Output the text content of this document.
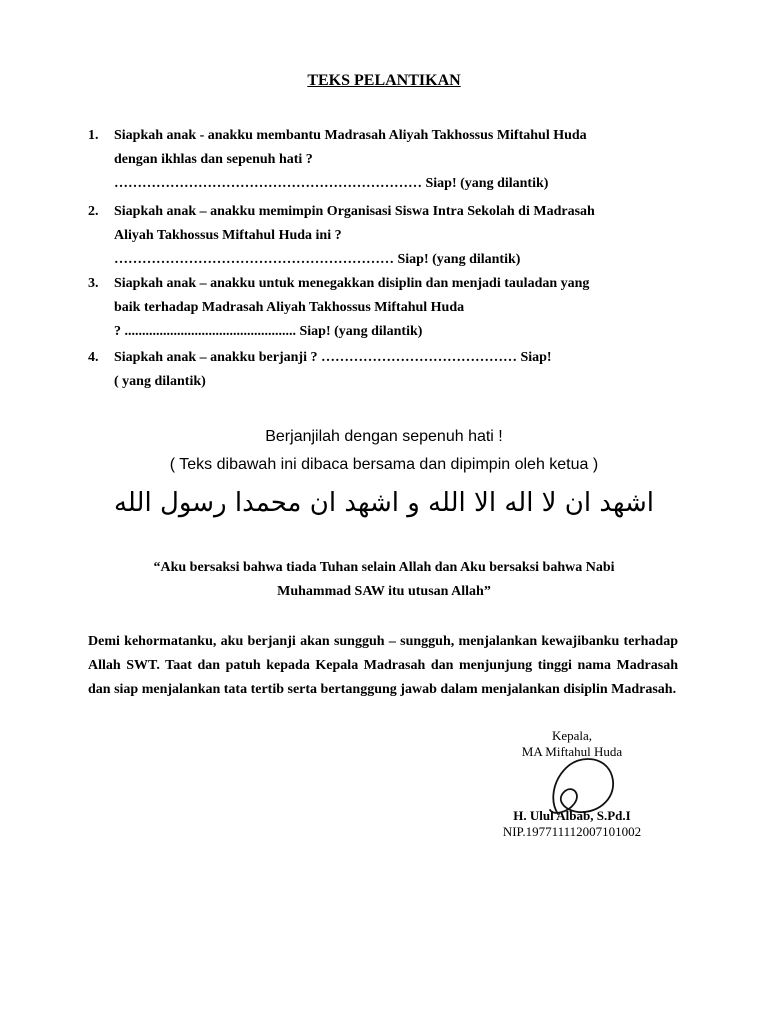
TEKS PELANTIKAN
1. Siapkah anak - anakku membantu Madrasah Aliyah Takhossus Miftahul Huda
dengan ikhlas dan sepenuh hati ?
………………………………………………………… Siap! (yang dilantik)
2. Siapkah anak – anakku memimpin Organisasi Siswa Intra Sekolah di Madrasah
Aliyah Takhossus Miftahul Huda ini ?
…………………………………………………… Siap! (yang dilantik)
3. Siapkah anak – anakku untuk menegakkan disiplin dan menjadi tauladan yang
baik terhadap Madrasah Aliyah Takhossus Miftahul Huda
? ................................................. Siap! (yang dilantik)
4. Siapkah anak – anakku berjanji ? …………………………………… Siap!
( yang dilantik)
Berjanjilah dengan sepenuh hati !
( Teks dibawah ini dibaca bersama dan dipimpin oleh ketua )
اشهد ان لا اله الا الله و اشهد ان محمدا رسول الله
“Aku bersaksi bahwa tiada Tuhan selain Allah dan Aku bersaksi bahwa Nabi
Muhammad SAW itu utusan Allah”
Demi kehormatanku, aku berjanji akan sungguh – sungguh, menjalankan kewajibanku terhadap Allah SWT. Taat dan patuh kepada Kepala Madrasah dan menjunjung tinggi nama Madrasah dan siap menjalankan tata tertib serta bertanggung jawab dalam menjalankan disiplin Madrasah.
Kepala,
MA Miftahul Huda
H. Ulul Albab, S.Pd.I
NIP.197711112007101002
